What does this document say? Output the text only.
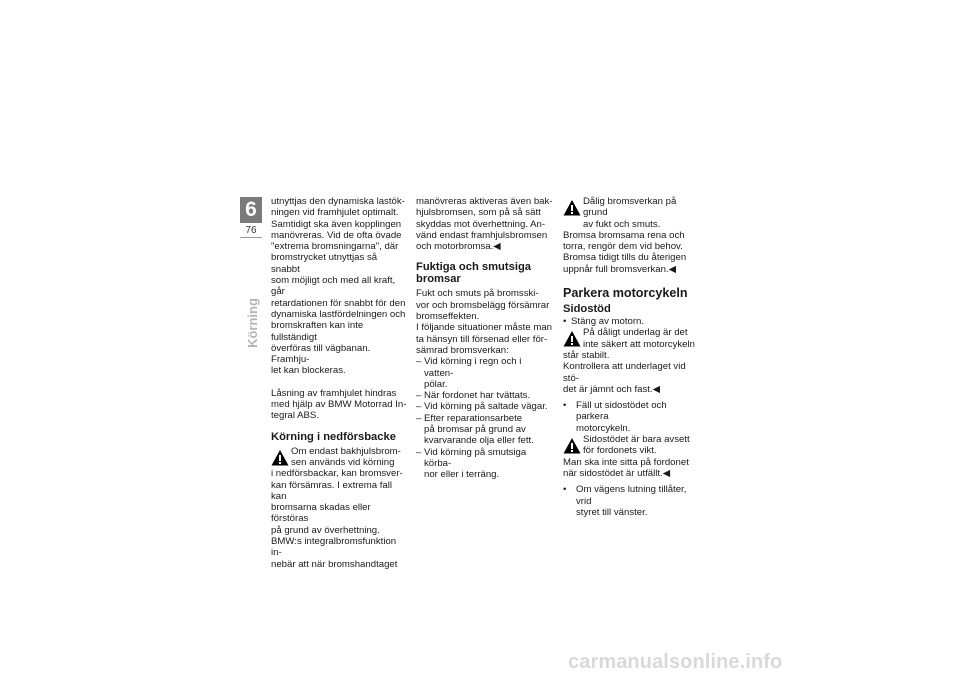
6
76
Körning

utnyttjas den dynamiska lastök-
ningen vid framhjulet optimalt.
Samtidigt ska även kopplingen
manövreras. Vid de ofta övade
"extrema bromsningarna", där
bromstrycket utnyttjas så snabbt
som möjligt och med all kraft, går
retardationen för snabbt för den
dynamiska lastfördelningen och
bromskraften kan inte fullständigt
överföras till vägbanan. Framhju-
let kan blockeras.

Låsning av framhjulet hindras
med hjälp av BMW Motorrad In-
tegral ABS.

Körning i nedförsbacke

Om endast bakhjulsbrom-
sen används vid körning

i nedförsbackar, kan bromsver-
kan försämras. I extrema fall kan
bromsarna skadas eller förstöras
på grund av överhettning.
BMW:s integralbromsfunktion in-
nebär att när bromshandtaget

manövreras aktiveras även bak-
hjulsbromsen, som på så sätt
skyddas mot överhettning. An-
vänd endast framhjulsbromsen
och motorbromsa.◀

Fuktiga och smutsiga
bromsar

Fukt och smuts på bromsski-
vor och bromsbelägg försämrar
bromseffekten.
I följande situationer måste man
ta hänsyn till försenad eller för-
sämrad bromsverkan:

– Vid körning i regn och i vatten-
pölar.
– När fordonet har tvättats.
– Vid körning på saltade vägar.
– Efter reparationsarbete
på bromsar på grund av
kvarvarande olja eller fett.
– Vid körning på smutsiga körba-
nor eller i terräng.

Dålig bromsverkan på grund
av fukt och smuts.

Bromsa bromsarna rena och
torra, rengör dem vid behov.
Bromsa tidigt tills du återigen
uppnår full bromsverkan.◀

Parkera motorcykeln
Sidostöd
• Stäng av motorn.

På dåligt underlag är det
inte säkert att motorcykeln

står stabilt.
Kontrollera att underlaget vid stö-
det är jämnt och fast.◀

• Fäll ut sidostödet och parkera
motorcykeln.

Sidostödet är bara avsett
för fordonets vikt.

Man ska inte sitta på fordonet
när sidostödet är utfällt.◀

• Om vägens lutning tillåter, vrid
styret till vänster.
carmanualsonline.info
